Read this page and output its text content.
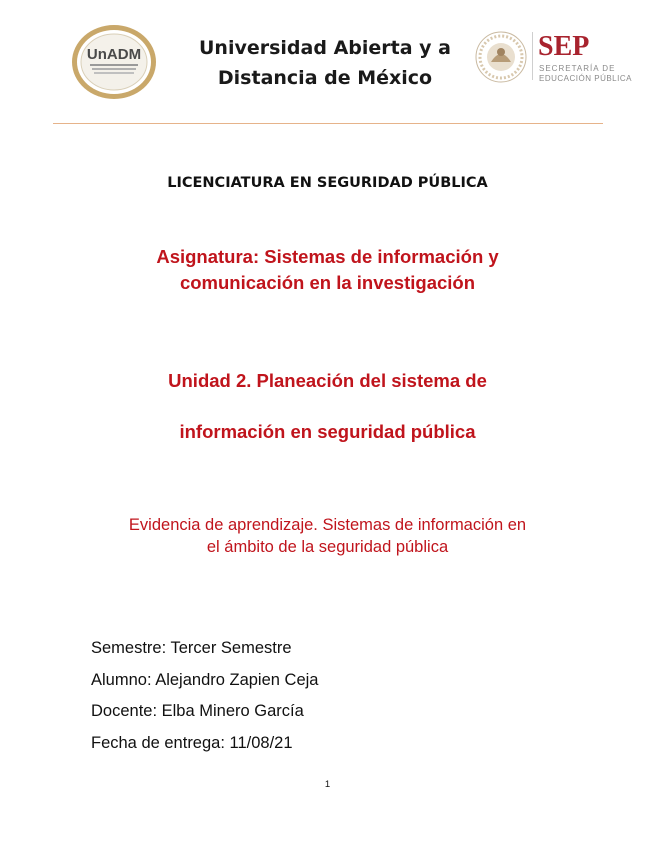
UnADM	Universidad Abierta y a
Distancia de México
SEP
SECRETARÍA DE
EDUCACIÓN PÚBLICA
LICENCIATURA EN SEGURIDAD PÚBLICA
Asignatura: Sistemas de información y
comunicación en la investigación
Unidad 2. Planeación del sistema de
información en seguridad pública
Evidencia de aprendizaje. Sistemas de información en
el ámbito de la seguridad pública
Semestre: Tercer Semestre
Alumno: Alejandro Zapien Ceja
Docente: Elba Minero García
Fecha de entrega: 11/08/21
1
